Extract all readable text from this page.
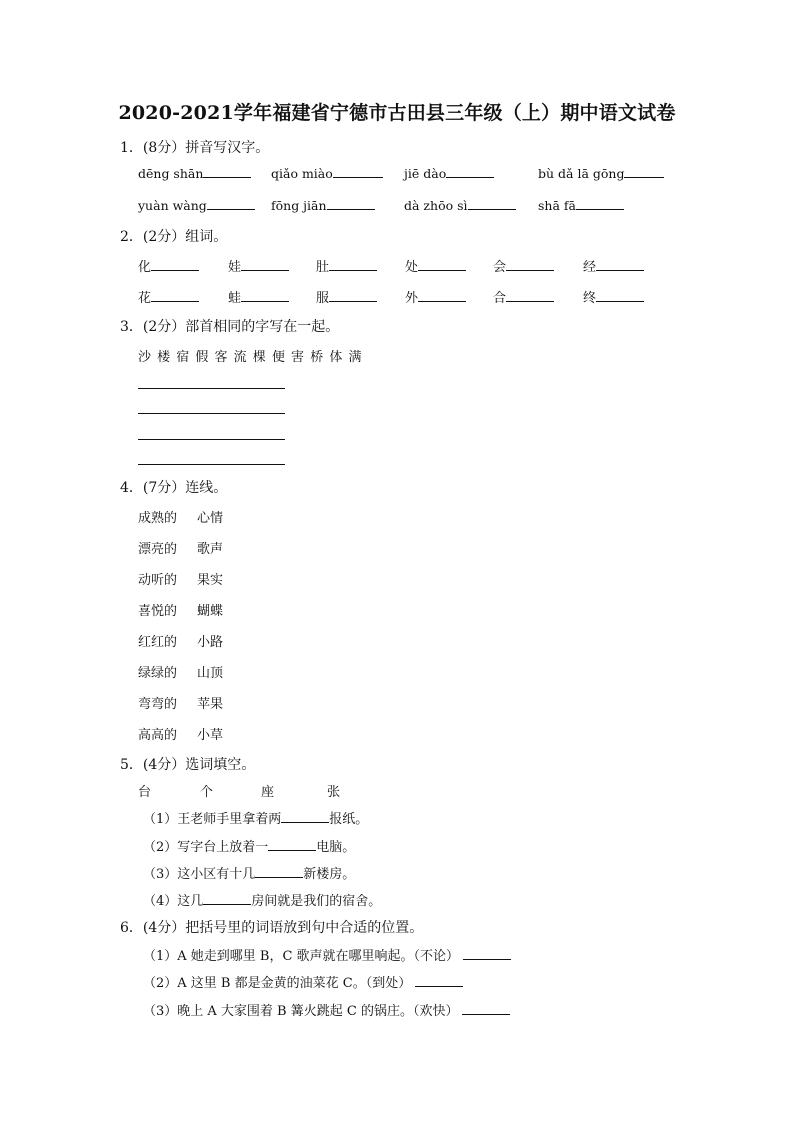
2020-2021学年福建省宁德市古田县三年级（上）期中语文试卷
1．(8分）拼音写汉字。
dēng shān	qiǎo miào	jiē dào	bù dǎ lā gōng
yuàn wàng	fōng jiān	dà zhōo sì	shā fā
2．(2分）组词。
化	娃	肚	处	会	经
花	蛙	服	外	合	终
3．(2分）部首相同的字写在一起。
沙 楼 宿 假 客 流 棵 便 害 桥 体 满
4．(7分）连线。
成熟的 心情
漂亮的 歌声
动听的 果实
喜悦的 蝴蝶
红红的 小路
绿绿的 山顶
弯弯的 苹果
高高的 小草
5．(4分）选词填空。
台	个	座	张
（1）王老师手里拿着两	报纸。
（2）写字台上放着一	电脑。
（3）这小区有十几	新楼房。
（4）这几	房间就是我们的宿舍。
6．(4分）把括号里的词语放到句中合适的位置。
（1）A 她走到哪里 B，C 歌声就在哪里响起。（不论）
（2）A 这里 B 都是金黄的油菜花 C。（到处）
（3）晚上 A 大家围着 B 篝火跳起 C 的锅庄。（欢快）
